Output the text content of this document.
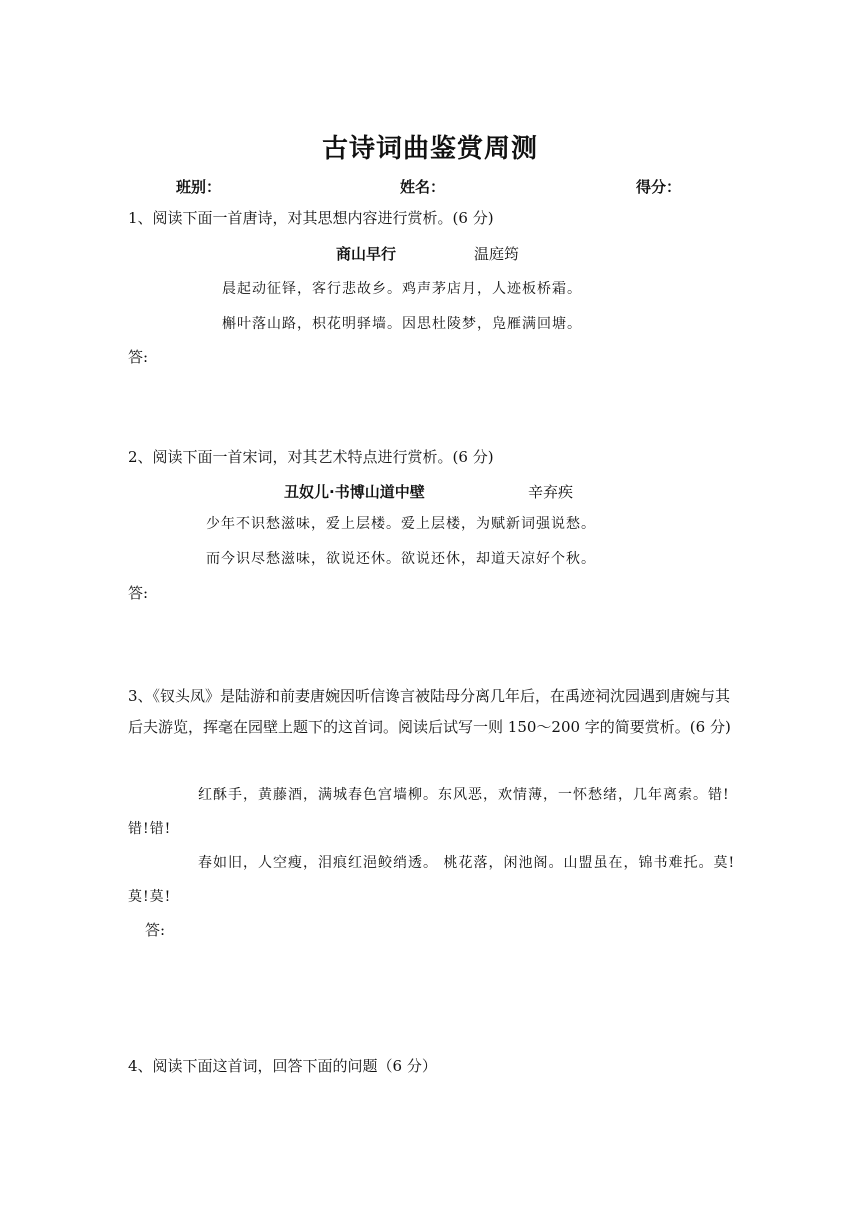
古诗词曲鉴赏周测
班别：	姓名：	得分：
1、阅读下面一首唐诗，对其思想内容进行赏析。(6 分)
商山早行	温庭筠
晨起动征铎，客行悲故乡。鸡声茅店月，人迹板桥霜。
槲叶落山路，枳花明驿墙。因思杜陵梦，凫雁满回塘。
答:
2、阅读下面一首宋词，对其艺术特点进行赏析。(6 分)
丑奴儿·书博山道中壁	辛弃疾
少年不识愁滋味，爱上层楼。爱上层楼，为赋新词强说愁。
而今识尽愁滋味，欲说还休。欲说还休，却道天凉好个秋。
答:
3、《钗头凤》是陆游和前妻唐婉因听信谗言被陆母分离几年后，在禹迹祠沈园遇到唐婉与其后夫游览，挥毫在园壁上题下的这首词。阅读后试写一则 150～200 字的简要赏析。(6 分)
红酥手，黄藤酒，满城春色宫墙柳。东风恶，欢情薄，一怀愁绪，几年离索。错!错!错!
春如旧，人空瘦，泪痕红浥鲛绡透。 桃花落，闲池阁。山盟虽在，锦书难托。莫!莫!莫!
答:
4、阅读下面这首词，回答下面的问题（6 分）
